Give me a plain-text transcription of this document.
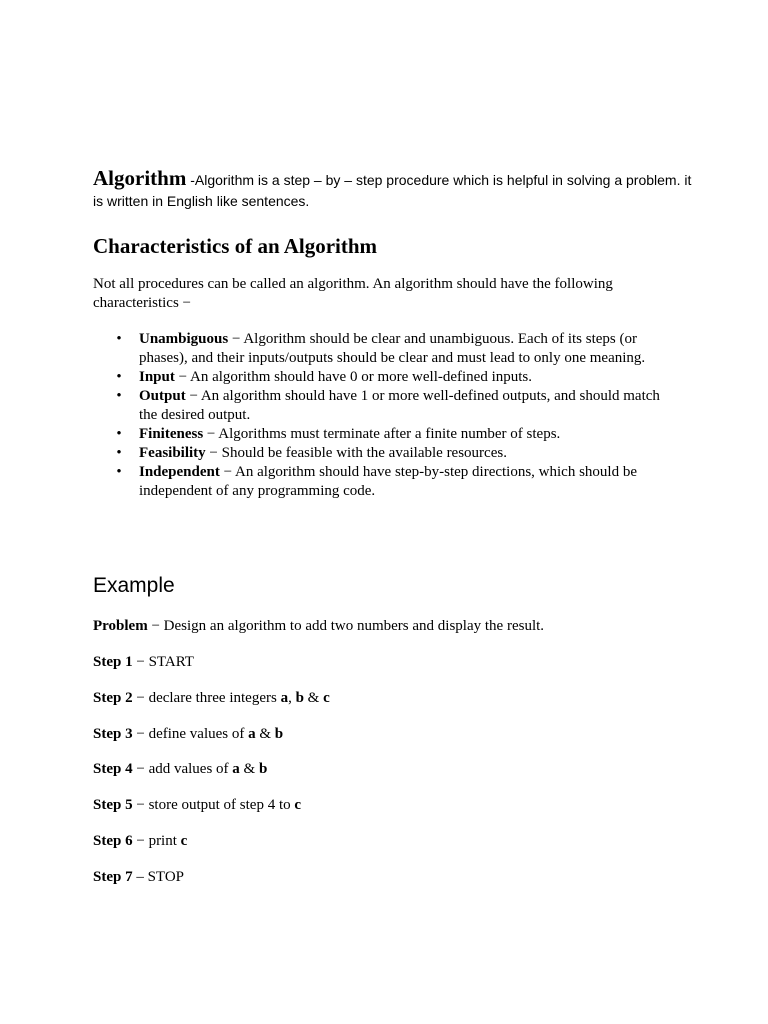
Algorithm -Algorithm is a step – by – step procedure which is helpful in solving a problem. it is written in English like sentences.
Characteristics of an Algorithm

Not all procedures can be called an algorithm. An algorithm should have the following characteristics −

• Unambiguous − Algorithm should be clear and unambiguous. Each of its steps (or phases), and their inputs/outputs should be clear and must lead to only one meaning.
• Input − An algorithm should have 0 or more well-defined inputs.
• Output − An algorithm should have 1 or more well-defined outputs, and should match the desired output.
• Finiteness − Algorithms must terminate after a finite number of steps.
• Feasibility − Should be feasible with the available resources.
• Independent − An algorithm should have step-by-step directions, which should be independent of any programming code.
Example

Problem − Design an algorithm to add two numbers and display the result.

Step 1 − START

Step 2 − declare three integers a, b & c

Step 3 − define values of a & b

Step 4 − add values of a & b

Step 5 − store output of step 4 to c

Step 6 − print c

Step 7 – STOP
